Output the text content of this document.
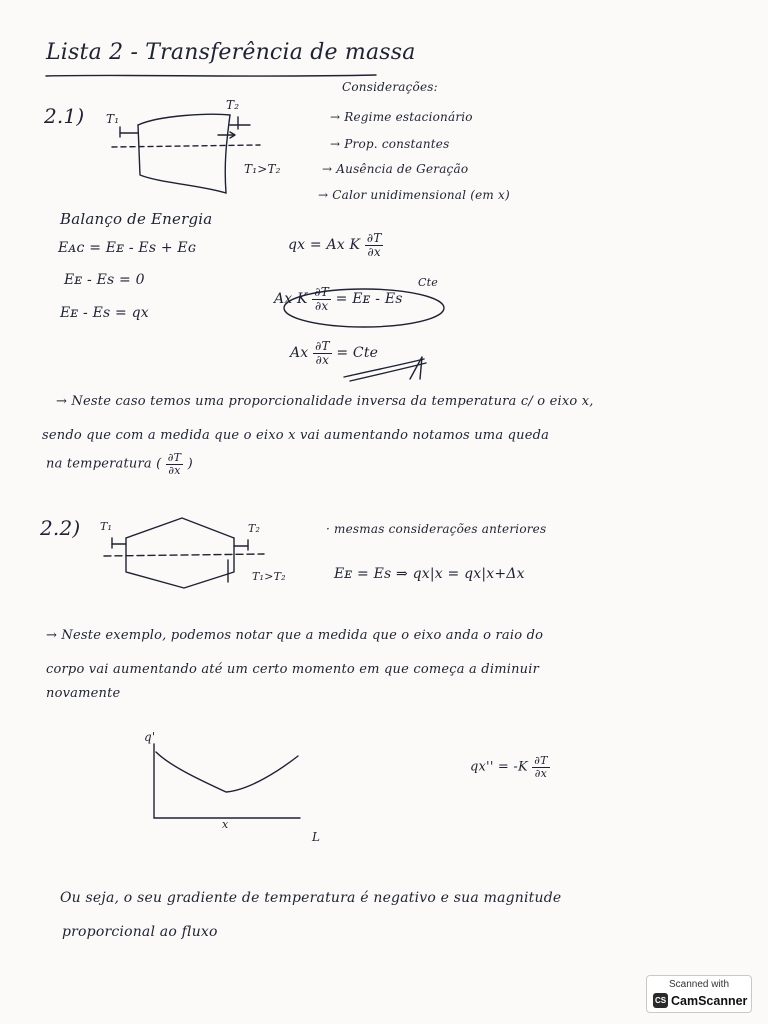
Lista 2 - Transferência de massa
2.1) T₁
T₂
T₁>T₂
Considerações:
→ Regime estacionário
→ Prop. constantes
→ Ausência de Geração
→ Calor unidimensional (em x)
Balanço de Energia
Eᴀᴄ = Eᴇ - Es + Eɢ
Eᴇ - Es = 0
Eᴇ - Es = qx
qx = Ax K $\frac{\partial T}{\partial x}$
Cte
Ax K $\frac{\partial T}{\partial x}$ = Eᴇ - Es
Ax $\frac{\partial T}{\partial x}$ = Cte
→ Neste caso temos uma proporcionalidade inversa da temperatura c/ o eixo x,
sendo que com a medida que o eixo x vai aumentando notamos uma queda
na temperatura ( $\frac{\partial T}{\partial x}$ )
2.2) T₁	T₂
T₁>T₂
· mesmas considerações anteriores
Eᴇ = Es ⇒ qx|x = qx|x+Δx
→ Neste exemplo, podemos notar que a medida que o eixo anda o raio do
corpo vai aumentando até um certo momento em que começa a diminuir
novamente
q'
x
L
$qx'' = -K \frac{\partial T}{\partial x}$
Ou seja, o seu gradiente de temperatura é negativo e sua magnitude
proporcional ao fluxo
Scanned with
CS CamScanner
